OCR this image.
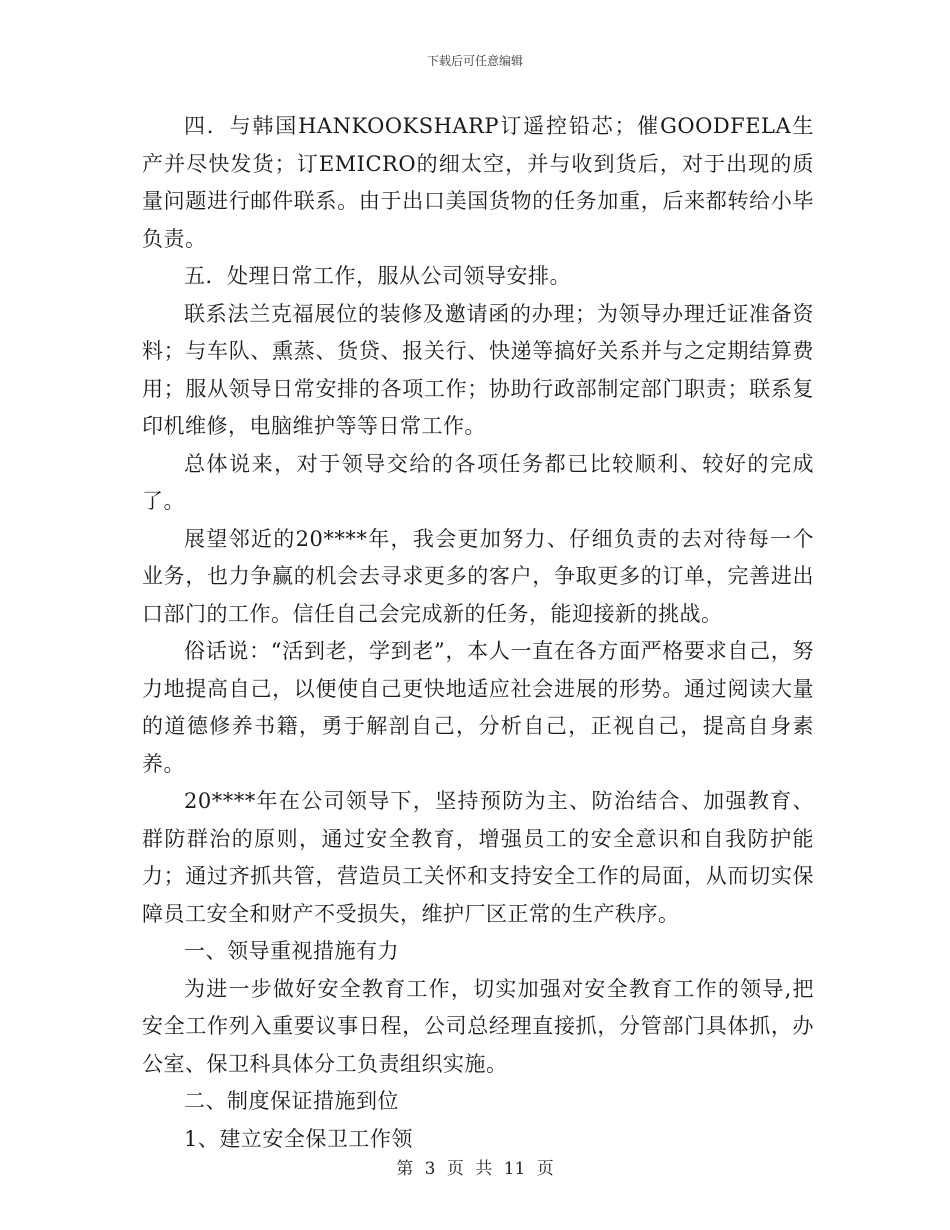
下载后可任意编辑

四．与韩国HANKOOKSHARP订遥控铅芯；催GOODFELA生产并尽快发货；订EMICRO的细太空，并与收到货后，对于出现的质量问题进行邮件联系。由于出口美国货物的任务加重，后来都转给小毕负责。

五．处理日常工作，服从公司领导安排。

联系法兰克福展位的装修及邀请函的办理；为领导办理迁证准备资料；与车队、熏蒸、货贷、报关行、快递等搞好关系并与之定期结算费用；服从领导日常安排的各项工作；协助行政部制定部门职责；联系复印机维修，电脑维护等等日常工作。

总体说来，对于领导交给的各项任务都已比较顺利、较好的完成了。

展望邻近的20****年，我会更加努力、仔细负责的去对待每一个业务，也力争赢的机会去寻求更多的客户，争取更多的订单，完善进出口部门的工作。信任自己会完成新的任务，能迎接新的挑战。

俗话说：“活到老，学到老”，本人一直在各方面严格要求自己，努力地提高自己，以便使自己更快地适应社会进展的形势。通过阅读大量的道德修养书籍，勇于解剖自己，分析自己，正视自己，提高自身素养。

20****年在公司领导下，坚持预防为主、防治结合、加强教育、群防群治的原则，通过安全教育，增强员工的安全意识和自我防护能力；通过齐抓共管，营造员工关怀和支持安全工作的局面，从而切实保障员工安全和财产不受损失，维护厂区正常的生产秩序。

一、领导重视措施有力

为进一步做好安全教育工作，切实加强对安全教育工作的领导,把安全工作列入重要议事日程，公司总经理直接抓，分管部门具体抓，办公室、保卫科具体分工负责组织实施。

二、制度保证措施到位

1、建立安全保卫工作领

第 3 页 共 11 页
